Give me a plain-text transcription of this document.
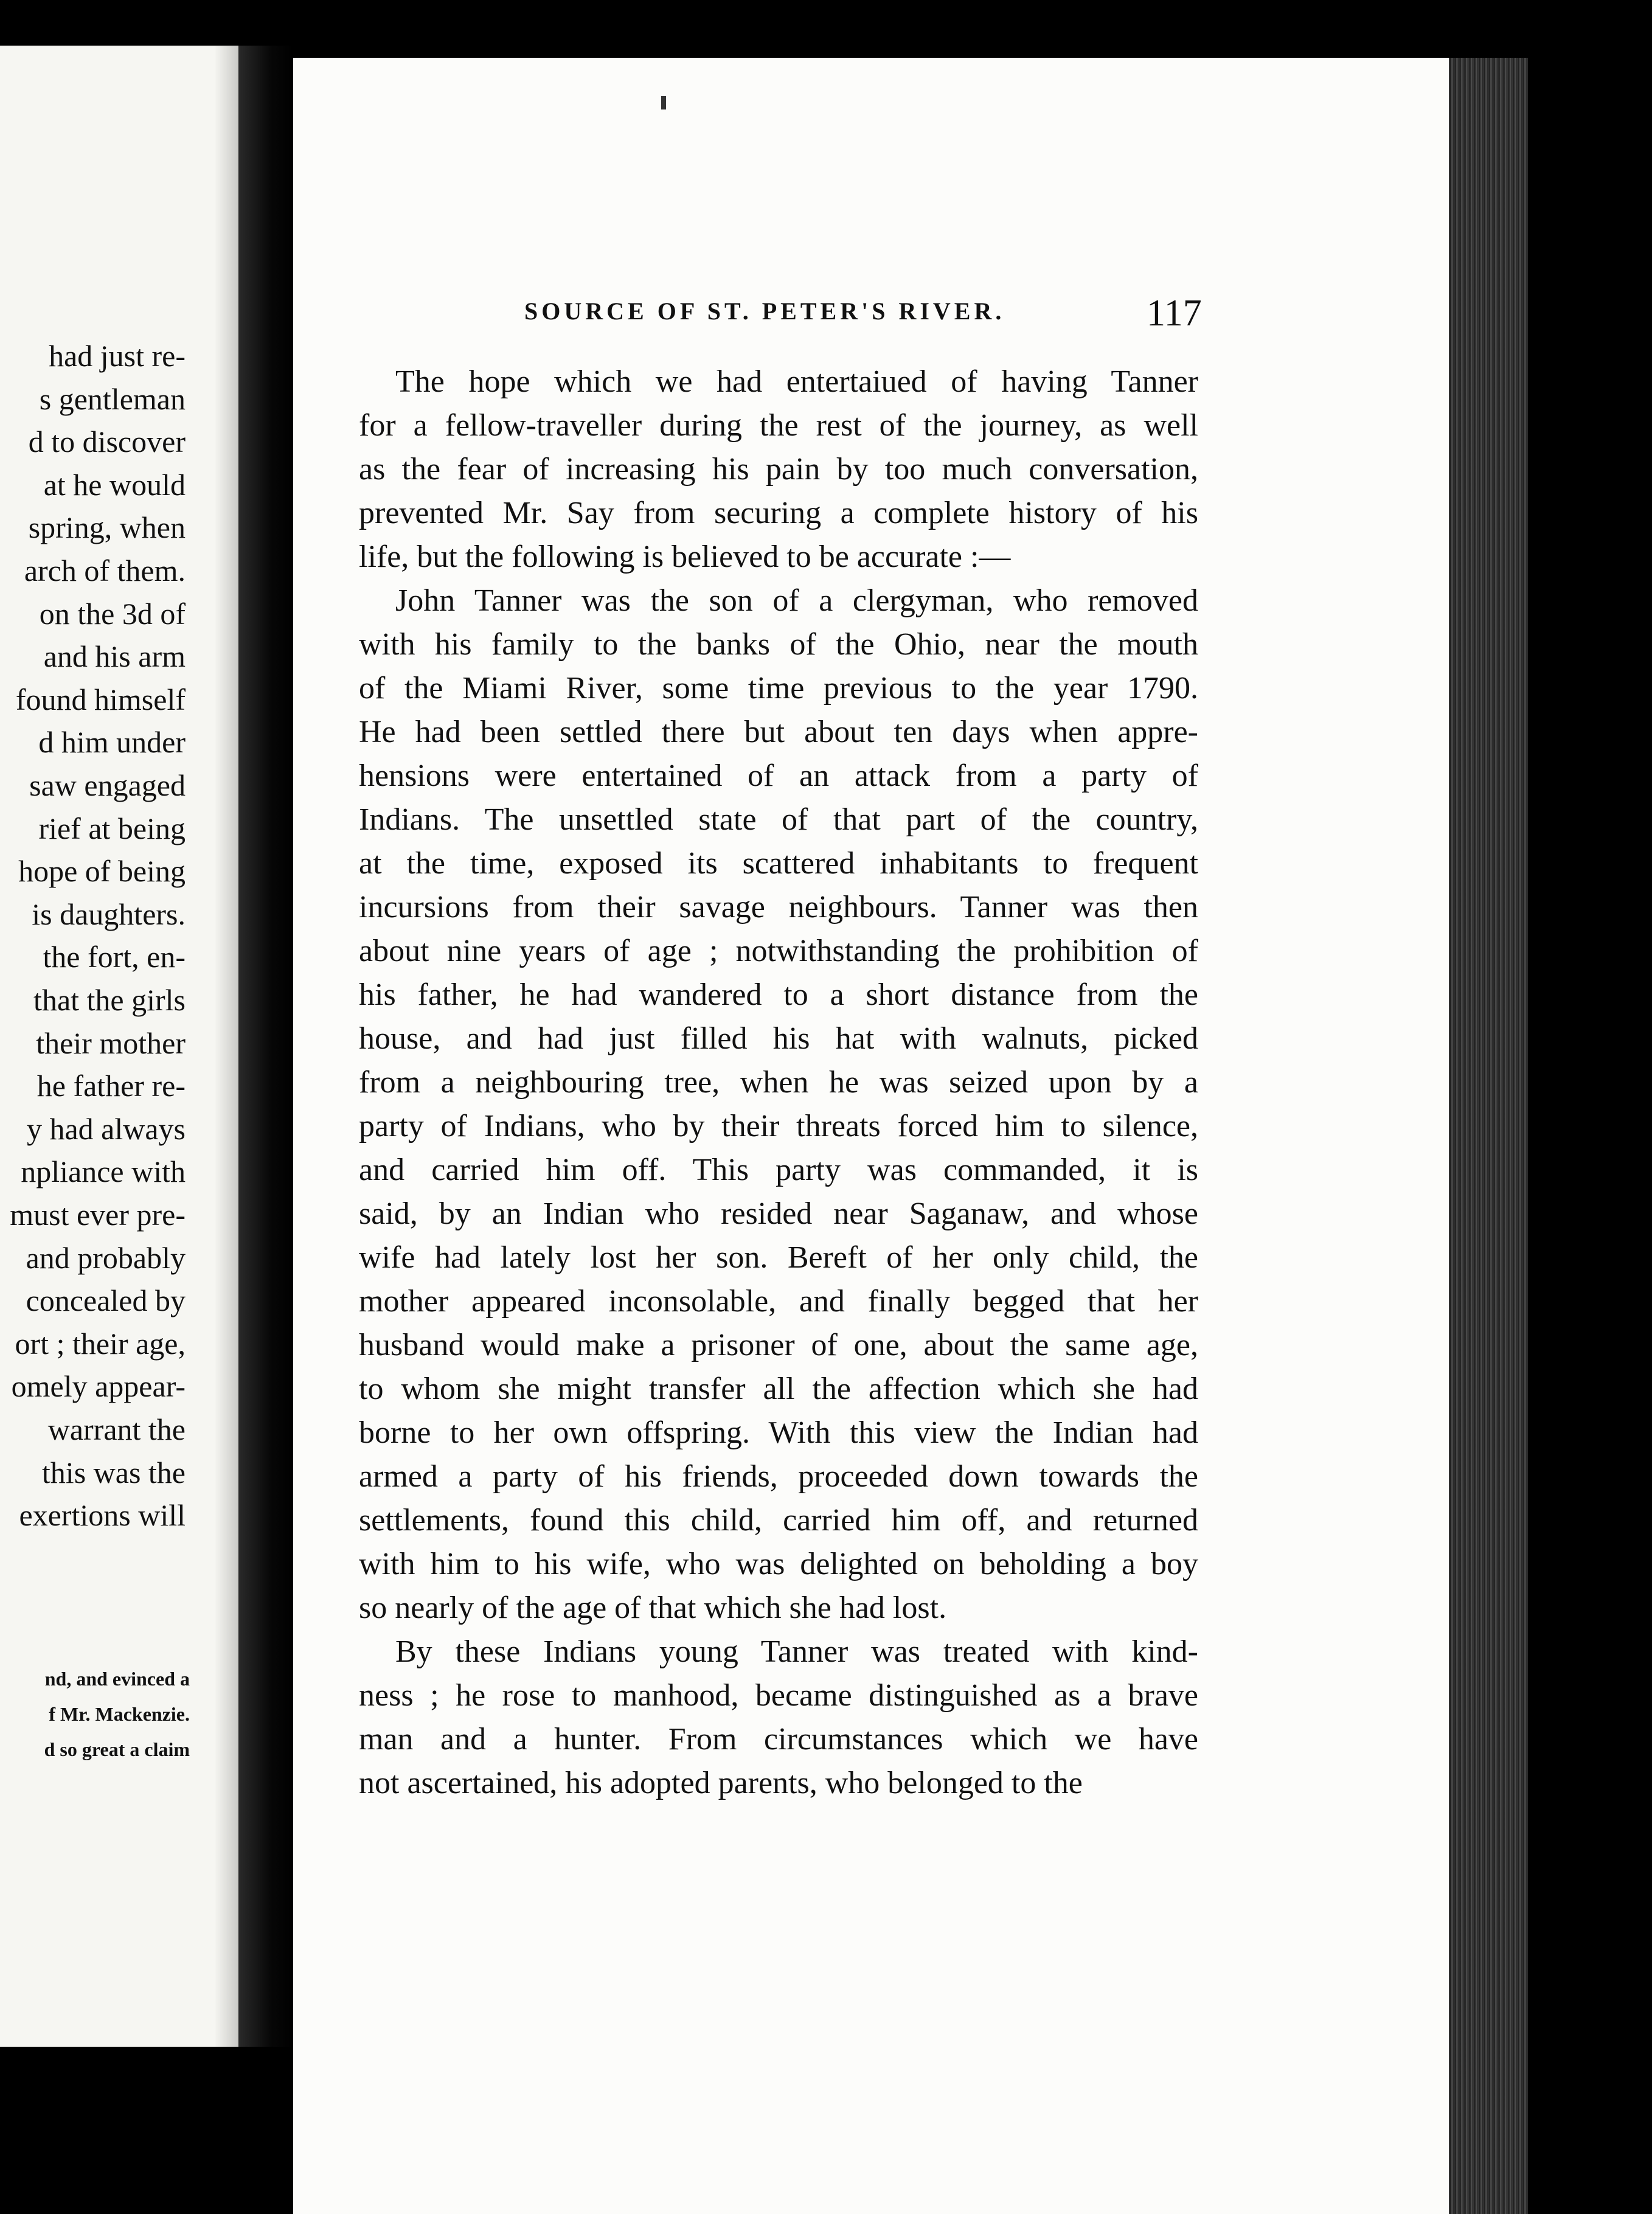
had just re-
s gentleman
d to discover
at he would
spring, when
arch of them.
on the 3d of
and his arm
found himself
d him under
saw engaged
rief at being
hope of being
is daughters.
the fort, en-
that the girls
their mother
he father re-
y had always
npliance with
must ever pre-
and probably
concealed by
ort ; their age,
omely appear-
warrant the
this was the
exertions will
nd, and evinced a
f Mr. Mackenzie.
d so great a claim
SOURCE OF ST. PETER'S RIVER.	117
The hope which we had entertaiued of having Tanner
for a fellow-traveller during the rest of the journey, as well
as the fear of increasing his pain by too much conversation,
prevented Mr. Say from securing a complete history of his
life, but the following is believed to be accurate :—
John Tanner was the son of a clergyman, who removed
with his family to the banks of the Ohio, near the mouth
of the Miami River, some time previous to the year 1790.
He had been settled there but about ten days when appre-
hensions were entertained of an attack from a party of
Indians. The unsettled state of that part of the country,
at the time, exposed its scattered inhabitants to frequent
incursions from their savage neighbours. Tanner was then
about nine years of age ; notwithstanding the prohibition of
his father, he had wandered to a short distance from the
house, and had just filled his hat with walnuts, picked
from a neighbouring tree, when he was seized upon by a
party of Indians, who by their threats forced him to silence,
and carried him off. This party was commanded, it is
said, by an Indian who resided near Saganaw, and whose
wife had lately lost her son. Bereft of her only child, the
mother appeared inconsolable, and finally begged that her
husband would make a prisoner of one, about the same age,
to whom she might transfer all the affection which she had
borne to her own offspring. With this view the Indian had
armed a party of his friends, proceeded down towards the
settlements, found this child, carried him off, and returned
with him to his wife, who was delighted on beholding a boy
so nearly of the age of that which she had lost.
By these Indians young Tanner was treated with kind-
ness ; he rose to manhood, became distinguished as a brave
man and a hunter. From circumstances which we have
not ascertained, his adopted parents, who belonged to the
